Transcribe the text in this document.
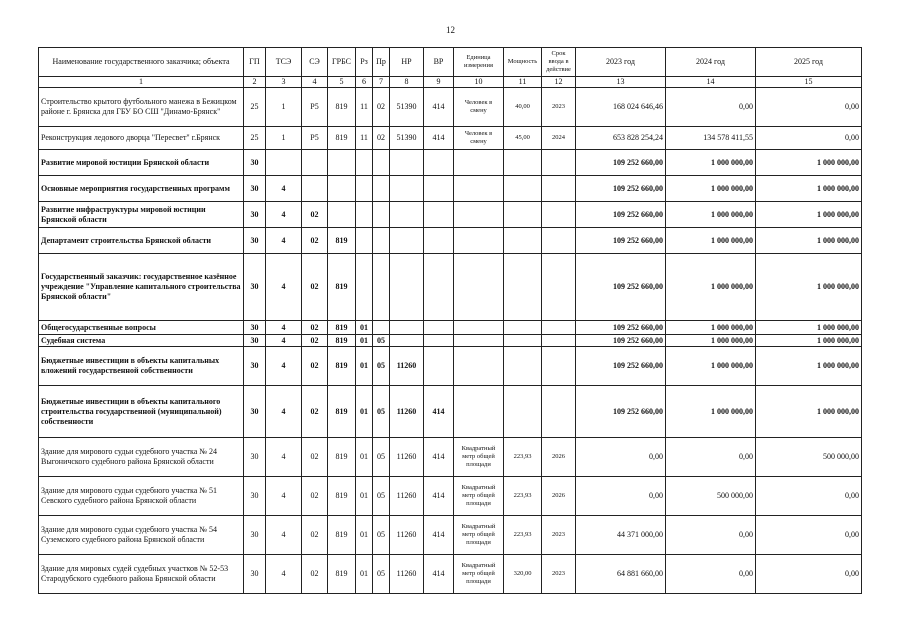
12
Наименование государственного заказчика; объекта	ГП	ТСЭ	СЭ	ГРБС	Рз	Пр	НР	ВР	Единица измерения	Мощность	Срок ввода в действие	2023 год	2024 год	2025 год
1	2	3	4	5	6	7	8	9	10	11	12	13	14	15
Строительство крытого футбольного манежа в Бежицком районе г. Брянска для ГБУ БО СШ "Динамо-Брянск"	25	1	P5	819	11	02	51390	414	Человек в смену	40,00	2023	168 024 646,46	0,00	0,00
Реконструкция ледового дворца "Пересвет" г.Брянск	25	1	P5	819	11	02	51390	414	Человек в смену	45,00	2024	653 828 254,24	134 578 411,55	0,00
Развитие мировой юстиции Брянской области	30											109 252 660,00	1 000 000,00	1 000 000,00
Основные мероприятия государственных программ	30	4										109 252 660,00	1 000 000,00	1 000 000,00
Развитие инфраструктуры мировой юстиции Брянской области	30	4	02									109 252 660,00	1 000 000,00	1 000 000,00
Департамент строительства Брянской области	30	4	02	819								109 252 660,00	1 000 000,00	1 000 000,00
Государственный заказчик: государственное казённое учреждение "Управление капитального строительства Брянской области"	30	4	02	819								109 252 660,00	1 000 000,00	1 000 000,00
Общегосударственные вопросы	30	4	02	819	01							109 252 660,00	1 000 000,00	1 000 000,00
Судебная система	30	4	02	819	01	05						109 252 660,00	1 000 000,00	1 000 000,00
Бюджетные инвестиции в объекты капитальных вложений государственной собственности	30	4	02	819	01	05	11260					109 252 660,00	1 000 000,00	1 000 000,00
Бюджетные инвестиции в объекты капитального строительства государственной (муниципальной) собственности	30	4	02	819	01	05	11260	414				109 252 660,00	1 000 000,00	1 000 000,00
Здание для мирового судьи судебного участка № 24 Выгоничского судебного района Брянской области	30	4	02	819	01	05	11260	414	Квадратный метр общей площади	223,93	2026	0,00	0,00	500 000,00
Здание для мирового судьи судебного участка № 51 Севского судебного района Брянской области	30	4	02	819	01	05	11260	414	Квадратный метр общей площади	223,93	2026	0,00	500 000,00	0,00
Здание для мирового судьи судебного участка № 54 Суземского судебного района Брянской области	30	4	02	819	01	05	11260	414	Квадратный метр общей площади	223,93	2023	44 371 000,00	0,00	0,00
Здание для мировых судей судебных участков № 52-53 Стародубского судебного района Брянской области	30	4	02	819	01	05	11260	414	Квадратный метр общей площади	320,00	2023	64 881 660,00	0,00	0,00
